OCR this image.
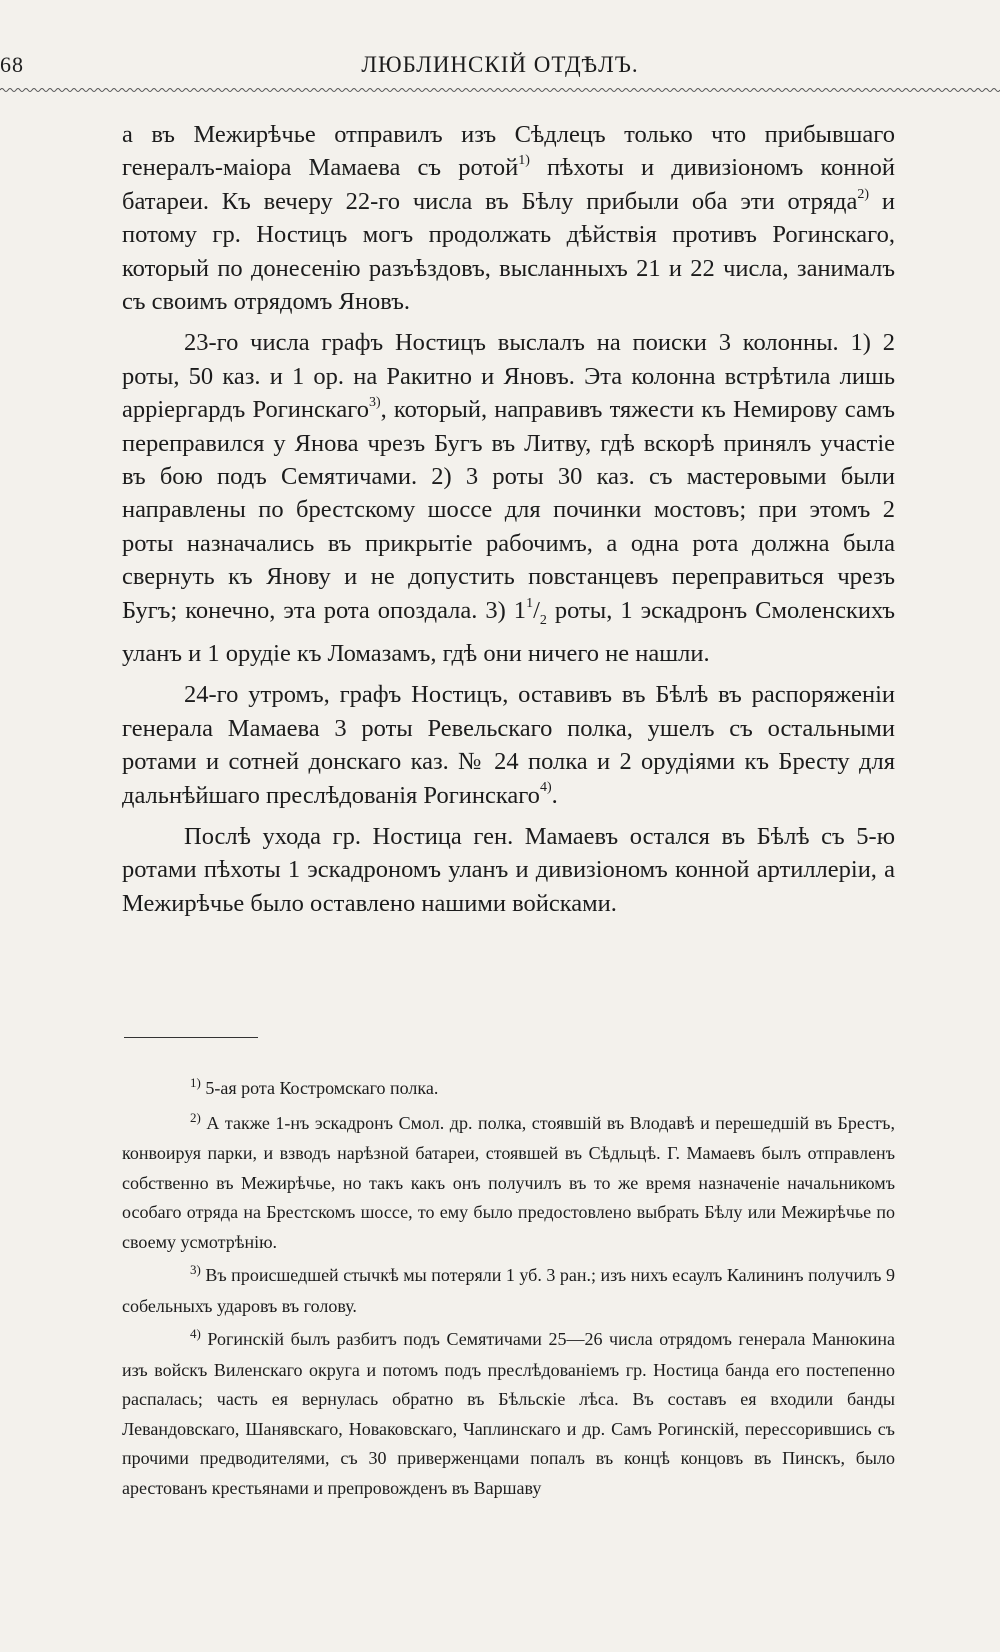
68	ЛЮБЛИНСКІЙ ОТДѢЛЪ.

а въ Межирѣчье отправилъ изъ Сѣдлецъ только что прибывшаго генералъ-маіора Мамаева съ ротой$^{1)}$ пѣхоты и дивизіономъ конной батареи. Къ вечеру 22-го числа въ Бѣлу прибыли оба эти отряда$^{2)}$ и потому гр. Ностицъ могъ продолжать дѣйствія противъ Рогинскаго, который по донесенію разъѣздовъ, высланныхъ 21 и 22 числа, занималъ съ своимъ отрядомъ Яновъ.

23-го числа графъ Ностицъ выслалъ на поиски 3 колонны. 1) 2 роты, 50 каз. и 1 ор. на Ракитно и Яновъ. Эта колонна встрѣтила лишь арріергардъ Рогинскаго$^{3)}$, который, направивъ тяжести къ Немирову самъ переправился у Янова чрезъ Бугъ въ Литву, гдѣ вскорѣ принялъ участіе въ бою подъ Семятичами. 2) 3 роты 30 каз. съ мастеровыми были направлены по брестскому шоссе для починки мостовъ; при этомъ 2 роты назначались въ прикрытіе рабочимъ, а одна рота должна была свернуть къ Янову и не допустить повстанцевъ переправиться чрезъ Бугъ; конечно, эта рота опоздала. 3) $1^1/_2$ роты, 1 эскадронъ Смоленскихъ уланъ и 1 орудіе къ Ломазамъ, гдѣ они ничего не нашли.

24-го утромъ, графъ Ностицъ, оставивъ въ Бѣлѣ въ распоряженіи генерала Мамаева 3 роты Ревельскаго полка, ушелъ съ остальными ротами и сотней донскаго каз. № 24 полка и 2 орудіями къ Бресту для дальнѣйшаго преслѣдованія Рогинскаго$^{4)}$.

Послѣ ухода гр. Ностица ген. Мамаевъ остался въ Бѣлѣ съ 5-ю ротами пѣхоты 1 эскадрономъ уланъ и дивизіономъ конной артиллеріи, а Межирѣчье было оставлено нашими войсками.

$^{1)}$ 5-ая рота Костромскаго полка.

$^{2)}$ А также 1-нъ эскадронъ Смол. др. полка, стоявшій въ Влодавѣ и перешедшій въ Брестъ, конвоируя парки, и взводъ нарѣзной батареи, стоявшей въ Сѣдльцѣ. Г. Мамаевъ былъ отправленъ собственно въ Межирѣчье, но такъ какъ онъ получилъ въ то же время назначеніе начальникомъ особаго отряда на Брестскомъ шоссе, то ему было предостовлено выбрать Бѣлу или Межирѣчье по своему усмотрѣнію.

$^{3)}$ Въ происшедшей стычкѣ мы потеряли 1 уб. 3 ран.; изъ нихъ есаулъ Калининъ получилъ 9 собельныхъ ударовъ въ голову.

$^{4)}$ Рогинскій былъ разбитъ подъ Семятичами 25—26 числа отрядомъ генерала Манюкина изъ войскъ Виленскаго округа и потомъ подъ преслѣдованіемъ гр. Ностица банда его постепенно распалась; часть ея вернулась обратно въ Бѣльскіе лѣса. Въ составъ ея входили банды Левандовскаго, Шанявскаго, Новаковскаго, Чаплинскаго и др. Самъ Рогинскій, перессорившись съ прочими предводителями, съ 30 приверженцами попалъ въ концѣ концовъ въ Пинскъ, было арестованъ крестьянами и препровожденъ въ Варшаву
